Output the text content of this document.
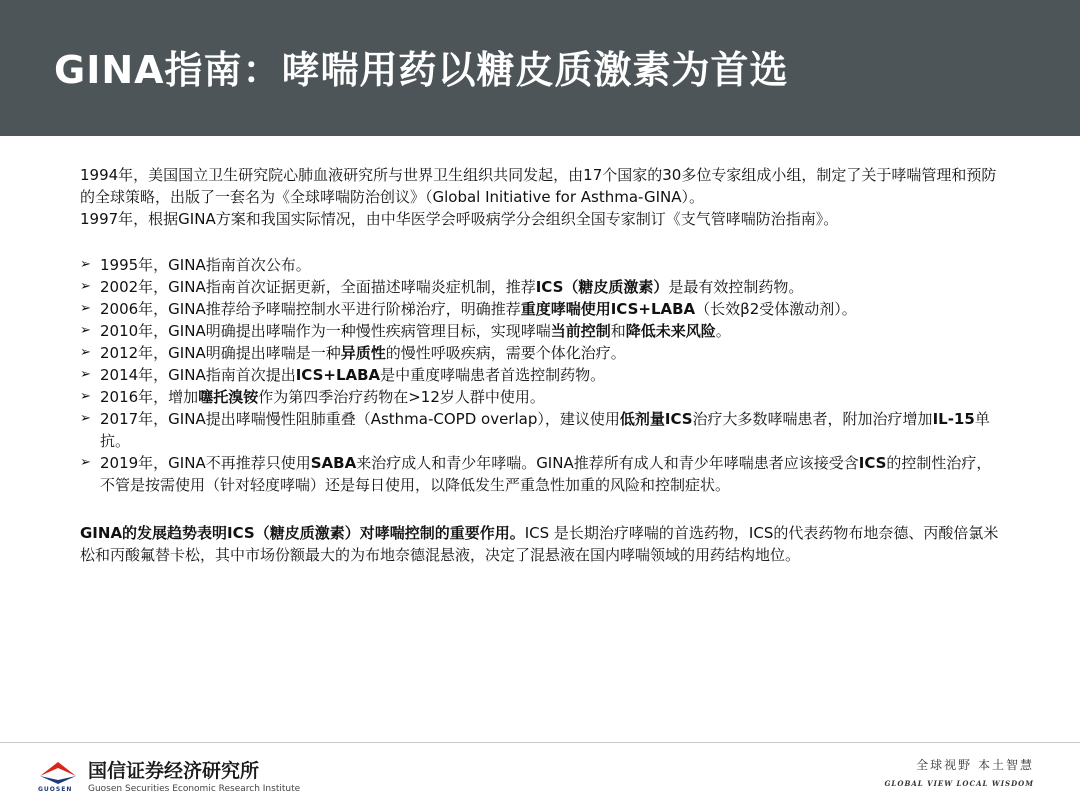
GINA指南：哮喘用药以糖皮质激素为首选

1994年，美国国立卫生研究院心肺血液研究所与世界卫生组织共同发起，由17个国家的30多位专家组成小组，制定了关于哮喘管理和预防的全球策略，出版了一套名为《全球哮喘防治创议》（Global Initiative for Asthma-GINA）。

1997年，根据GINA方案和我国实际情况，由中华医学会呼吸病学分会组织全国专家制订《支气管哮喘防治指南》。

➢ 1995年，GINA指南首次公布。
➢ 2002年，GINA指南首次证据更新，全面描述哮喘炎症机制，推荐ICS（糖皮质激素）是最有效控制药物。
➢ 2006年，GINA推荐给予哮喘控制水平进行阶梯治疗，明确推荐重度哮喘使用ICS+LABA（长效β2受体激动剂）。
➢ 2010年，GINA明确提出哮喘作为一种慢性疾病管理目标，实现哮喘当前控制和降低未来风险。
➢ 2012年，GINA明确提出哮喘是一种异质性的慢性呼吸疾病，需要个体化治疗。
➢ 2014年，GINA指南首次提出ICS+LABA是中重度哮喘患者首选控制药物。
➢ 2016年，增加噻托溴铵作为第四季治疗药物在>12岁人群中使用。
➢ 2017年，GINA提出哮喘慢性阻肺重叠（Asthma-COPD overlap），建议使用低剂量ICS治疗大多数哮喘患者，附加治疗增加IL-15单抗。
➢ 2019年，GINA不再推荐只使用SABA来治疗成人和青少年哮喘。GINA推荐所有成人和青少年哮喘患者应该接受含ICS的控制性治疗，不管是按需使用（针对轻度哮喘）还是每日使用，以降低发生严重急性加重的风险和控制症状。

GINA的发展趋势表明ICS（糖皮质激素）对哮喘控制的重要作用。ICS 是长期治疗哮喘的首选药物，ICS的代表药物布地奈德、丙酸倍氯米松和丙酸氟替卡松，其中市场份额最大的为布地奈德混悬液，决定了混悬液在国内哮喘领域的用药结构地位。

GUOSEN
国信证券经济研究所
Guosen Securities Economic Research Institute
全球视野 本土智慧
GLOBAL VIEW LOCAL WISDOM
